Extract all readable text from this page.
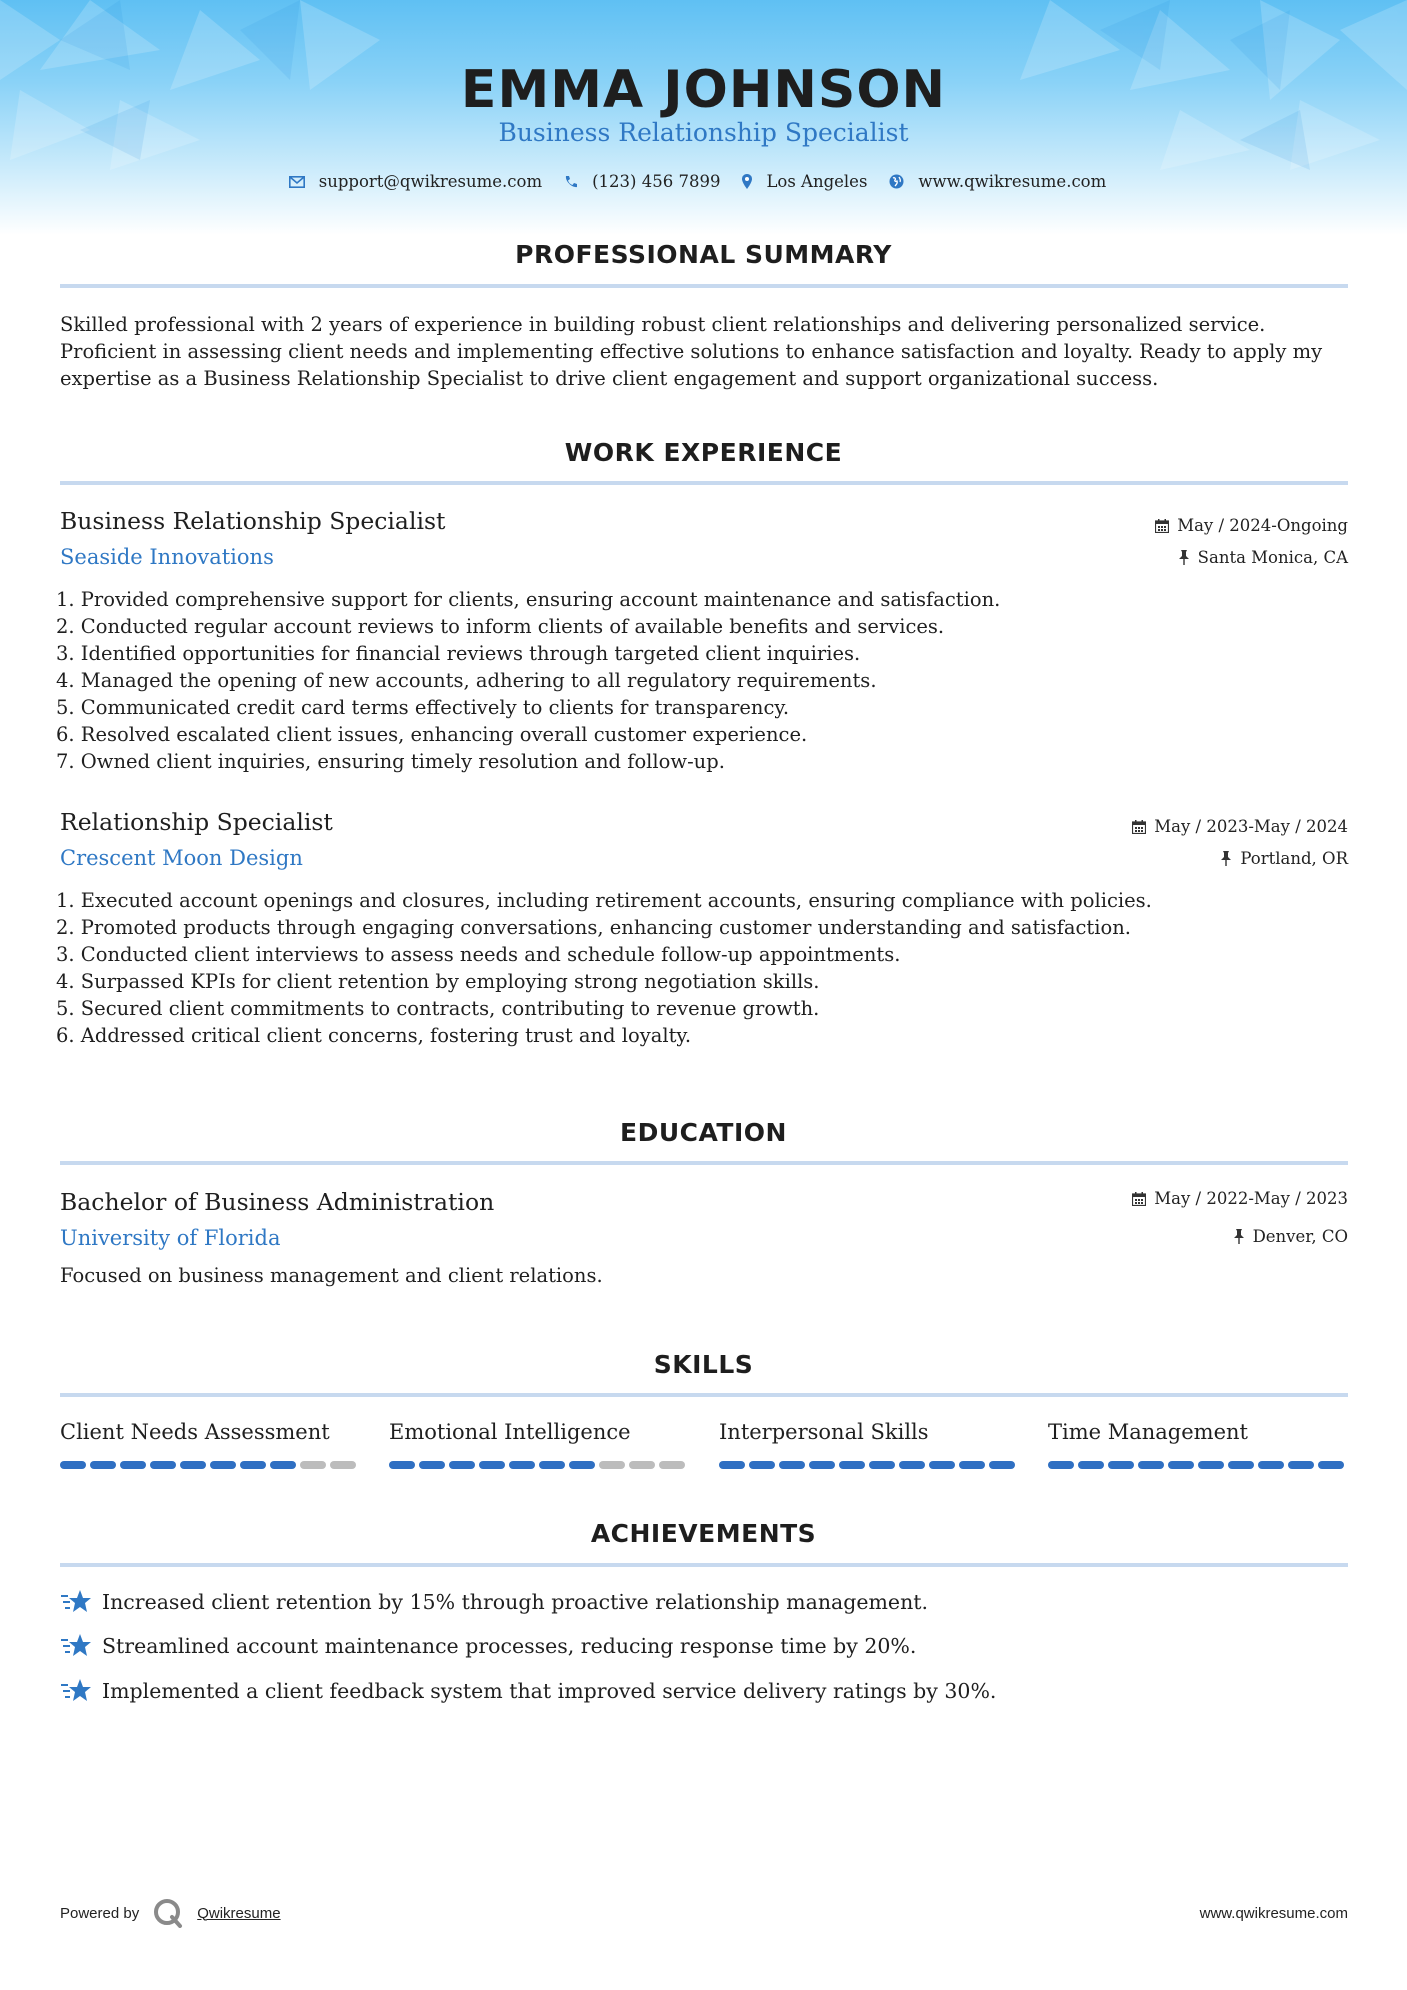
EMMA JOHNSON
Business Relationship Specialist
support@qwikresume.com	(123) 456 7899	Los Angeles	www.qwikresume.com
PROFESSIONAL SUMMARY
Skilled professional with 2 years of experience in building robust client relationships and delivering personalized service. Proficient in assessing client needs and implementing effective solutions to enhance satisfaction and loyalty. Ready to apply my expertise as a Business Relationship Specialist to drive client engagement and support organizational success.
WORK EXPERIENCE
Business Relationship Specialist
Seaside Innovations
May / 2024-Ongoing
Santa Monica, CA
1. Provided comprehensive support for clients, ensuring account maintenance and satisfaction.
2. Conducted regular account reviews to inform clients of available benefits and services.
3. Identified opportunities for financial reviews through targeted client inquiries.
4. Managed the opening of new accounts, adhering to all regulatory requirements.
5. Communicated credit card terms effectively to clients for transparency.
6. Resolved escalated client issues, enhancing overall customer experience.
7. Owned client inquiries, ensuring timely resolution and follow-up.
Relationship Specialist
Crescent Moon Design
May / 2023-May / 2024
Portland, OR
1. Executed account openings and closures, including retirement accounts, ensuring compliance with policies.
2. Promoted products through engaging conversations, enhancing customer understanding and satisfaction.
3. Conducted client interviews to assess needs and schedule follow-up appointments.
4. Surpassed KPIs for client retention by employing strong negotiation skills.
5. Secured client commitments to contracts, contributing to revenue growth.
6. Addressed critical client concerns, fostering trust and loyalty.
EDUCATION
Bachelor of Business Administration
University of Florida
May / 2022-May / 2023
Denver, CO
Focused on business management and client relations.
SKILLS
Client Needs Assessment	Emotional Intelligence	Interpersonal Skills	Time Management
ACHIEVEMENTS
Increased client retention by 15% through proactive relationship management.
Streamlined account maintenance processes, reducing response time by 20%.
Implemented a client feedback system that improved service delivery ratings by 30%.
Powered by	Qwikresume	www.qwikresume.com
